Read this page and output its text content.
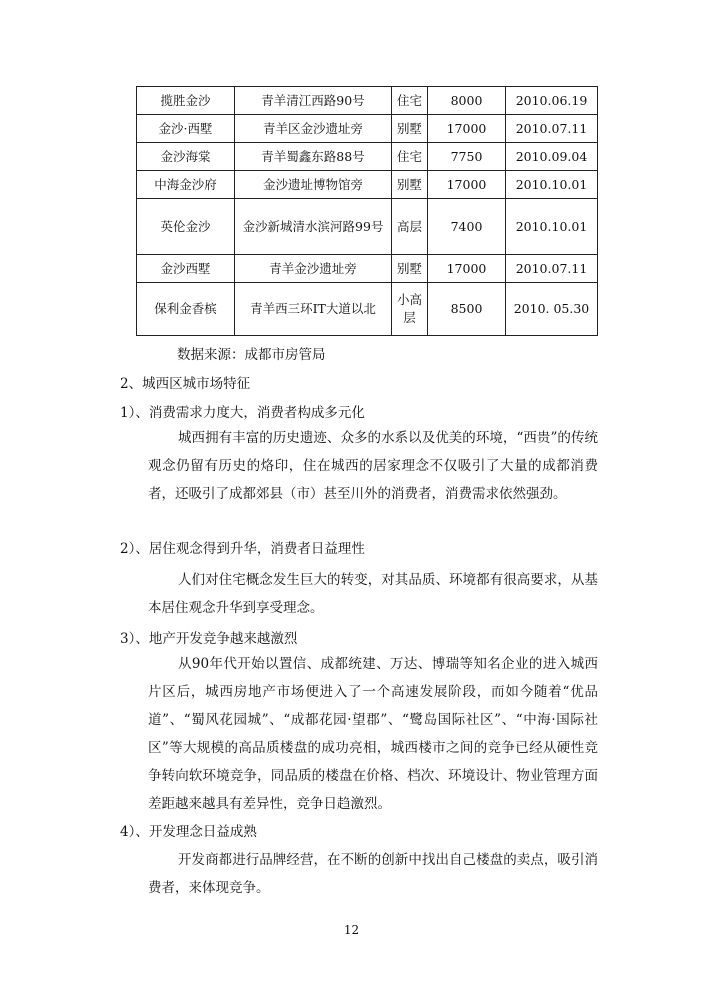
揽胜金沙	青羊清江西路90号	住宅	8000	2010.06.19
金沙·西墅	青羊区金沙遗址旁	别墅	17000	2010.07.11
金沙海棠	青羊蜀鑫东路88号	住宅	7750	2010.09.04
中海金沙府	金沙遗址博物馆旁	别墅	17000	2010.10.01
英伦金沙	金沙新城清水滨河路99号	高层	7400	2010.10.01
金沙西墅	青羊金沙遗址旁	别墅	17000	2010.07.11
保利金香槟	青羊西三环IT大道以北	小高层	8500	2010. 05.30
数据来源：成都市房管局
2、城西区城市场特征
1）、消费需求力度大，消费者构成多元化
城西拥有丰富的历史遗迹、众多的水系以及优美的环境，“西贵”的传统观念仍留有历史的烙印，住在城西的居家理念不仅吸引了大量的成都消费者，还吸引了成都郊县（市）甚至川外的消费者，消费需求依然强劲。
2）、居住观念得到升华，消费者日益理性
人们对住宅概念发生巨大的转变，对其品质、环境都有很高要求，从基本居住观念升华到享受理念。
3）、地产开发竞争越来越激烈
从90年代开始以置信、成都统建、万达、博瑞等知名企业的进入城西片区后，城西房地产市场便进入了一个高速发展阶段，而如今随着“优品道”、“蜀风花园城”、“成都花园·望郡”、“鹭岛国际社区”、“中海·国际社区”等大规模的高品质楼盘的成功亮相，城西楼市之间的竞争已经从硬性竞争转向软环境竞争，同品质的楼盘在价格、档次、环境设计、物业管理方面差距越来越具有差异性，竞争日趋激烈。
4）、开发理念日益成熟
开发商都进行品牌经营，在不断的创新中找出自己楼盘的卖点，吸引消费者，来体现竞争。
12
